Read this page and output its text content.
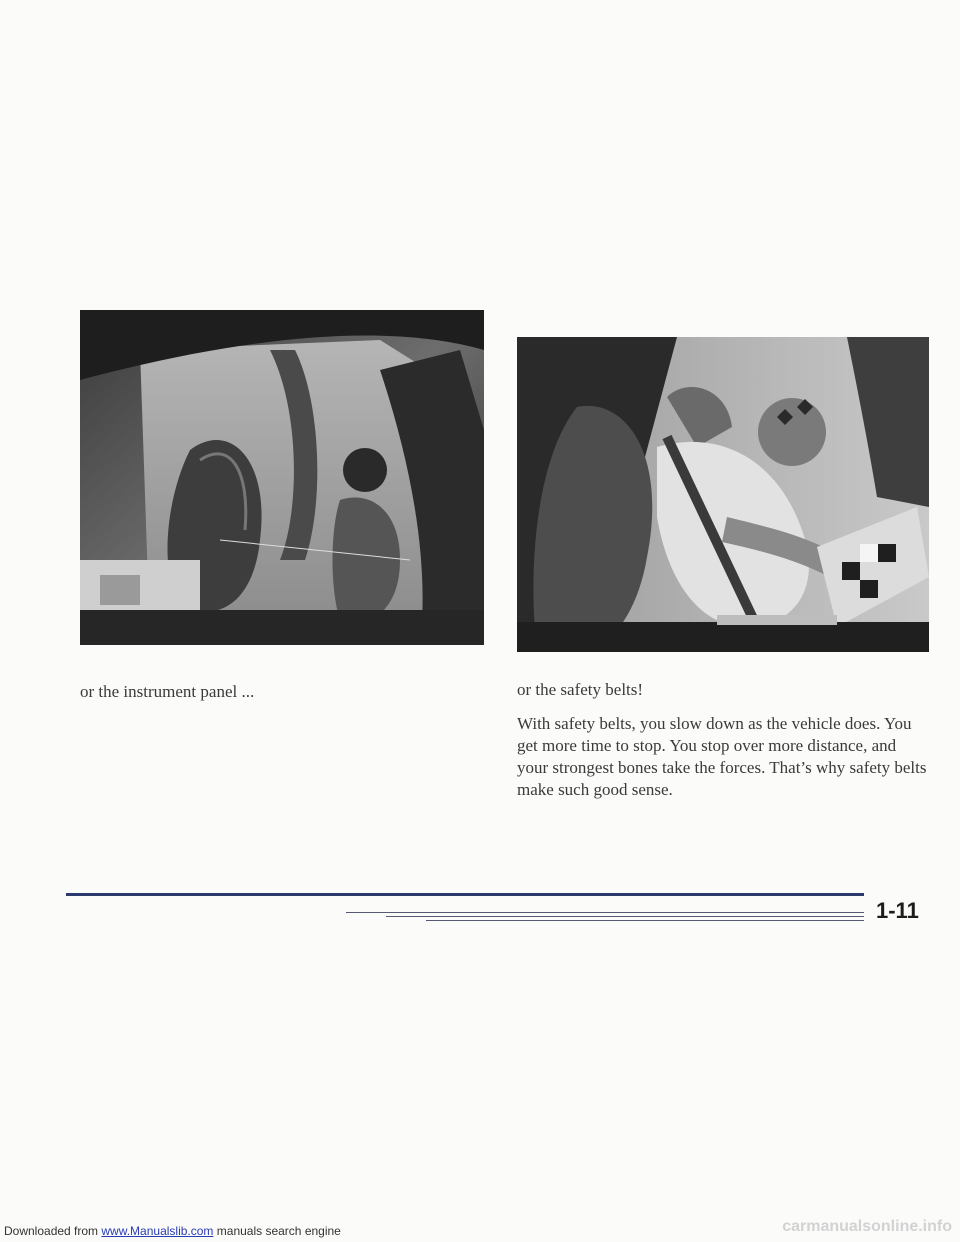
or the instrument panel ...	or the safety belts!

With safety belts, you slow down as the vehicle does. You get more time to stop. You stop over more distance, and your strongest bones take the forces. That’s why safety belts make such good sense.

1-11
Downloaded from www.Manualslib.com manuals search engine	carmanualsonline.info
